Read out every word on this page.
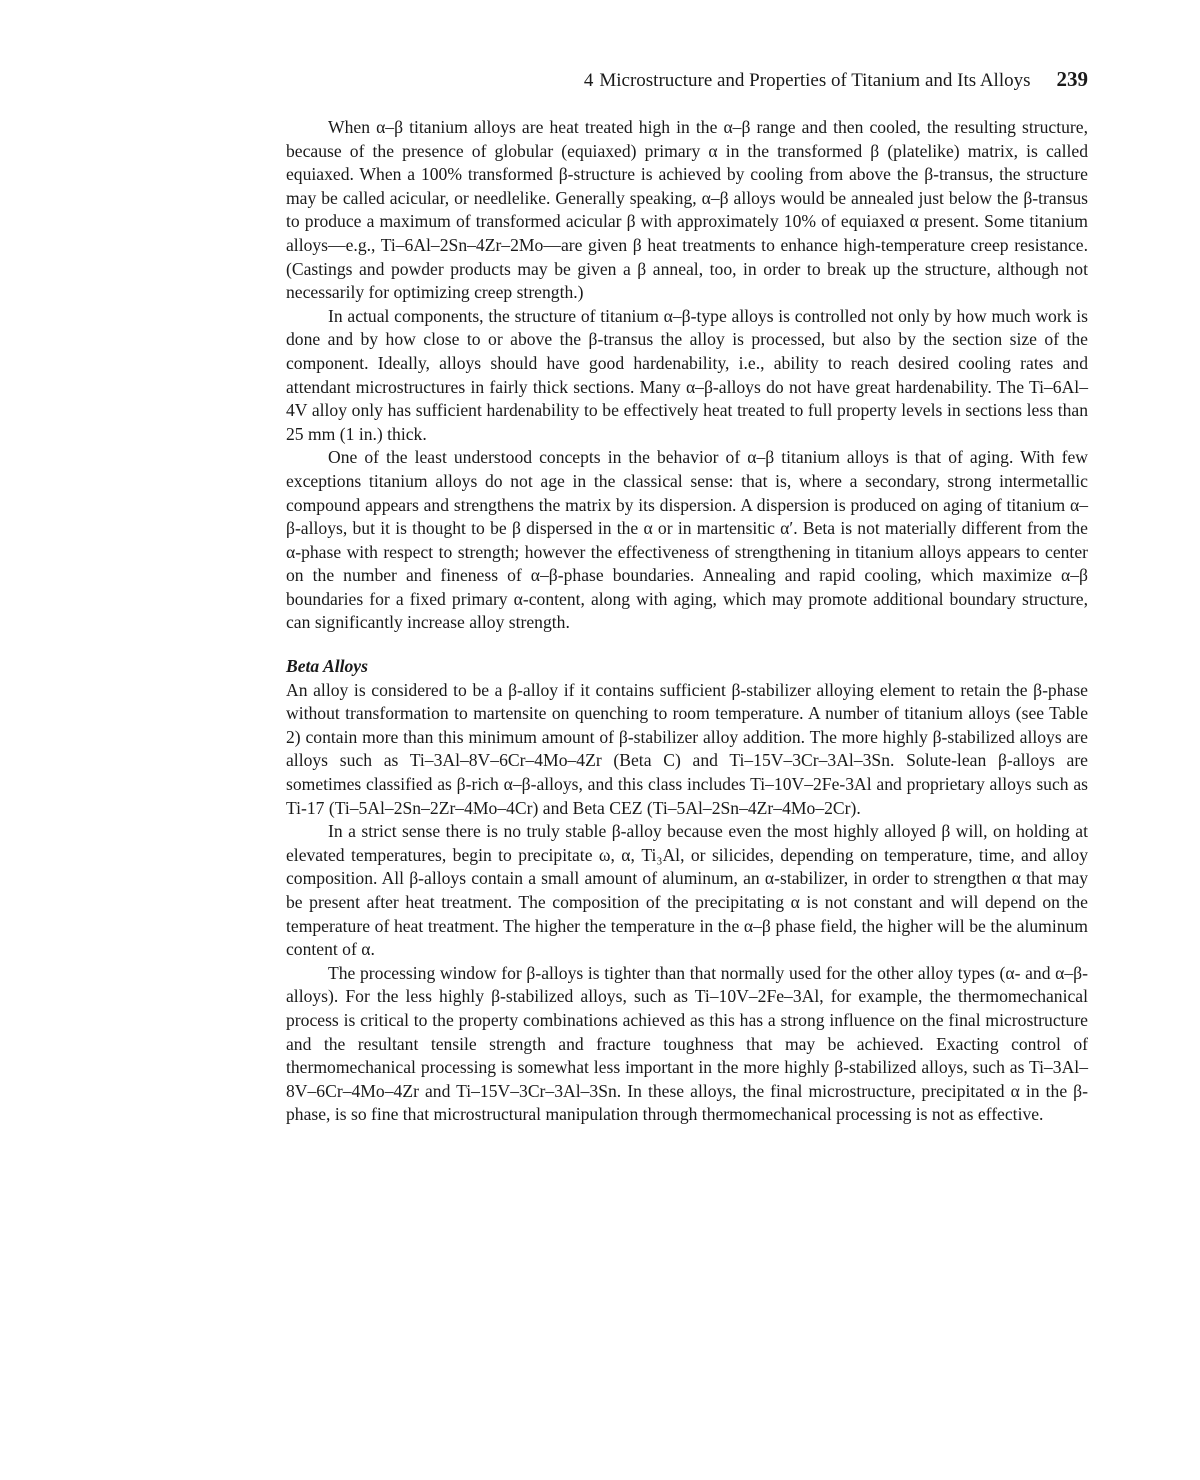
4 Microstructure and Properties of Titanium and Its Alloys 239

When α–β titanium alloys are heat treated high in the α–β range and then cooled, the resulting structure, because of the presence of globular (equiaxed) primary α in the transformed β (platelike) matrix, is called equiaxed. When a 100% transformed β-structure is achieved by cooling from above the β-transus, the structure may be called acicular, or needlelike. Generally speaking, α–β alloys would be annealed just below the β-transus to produce a maximum of transformed acicular β with approximately 10% of equiaxed α present. Some titanium alloys—e.g., Ti–6Al–2Sn–4Zr–2Mo—are given β heat treatments to enhance high-temperature creep resistance. (Castings and powder products may be given a β anneal, too, in order to break up the structure, although not necessarily for optimizing creep strength.)

In actual components, the structure of titanium α–β-type alloys is controlled not only by how much work is done and by how close to or above the β-transus the alloy is processed, but also by the section size of the component. Ideally, alloys should have good hardenability, i.e., ability to reach desired cooling rates and attendant microstructures in fairly thick sections. Many α–β-alloys do not have great hardenability. The Ti–6Al–4V alloy only has sufficient hardenability to be effectively heat treated to full property levels in sections less than 25 mm (1 in.) thick.

One of the least understood concepts in the behavior of α–β titanium alloys is that of aging. With few exceptions titanium alloys do not age in the classical sense: that is, where a secondary, strong intermetallic compound appears and strengthens the matrix by its dispersion. A dispersion is produced on aging of titanium α–β-alloys, but it is thought to be β dispersed in the α or in martensitic α′. Beta is not materially different from the α-phase with respect to strength; however the effectiveness of strengthening in titanium alloys appears to center on the number and fineness of α–β-phase boundaries. Annealing and rapid cooling, which maximize α–β boundaries for a fixed primary α-content, along with aging, which may promote additional boundary structure, can significantly increase alloy strength.

Beta Alloys

An alloy is considered to be a β-alloy if it contains sufficient β-stabilizer alloying element to retain the β-phase without transformation to martensite on quenching to room temperature. A number of titanium alloys (see Table 2) contain more than this minimum amount of β-stabilizer alloy addition. The more highly β-stabilized alloys are alloys such as Ti–3Al–8V–6Cr–4Mo–4Zr (Beta C) and Ti–15V–3Cr–3Al–3Sn. Solute-lean β-alloys are sometimes classified as β-rich α–β-alloys, and this class includes Ti–10V–2Fe-3Al and proprietary alloys such as Ti-17 (Ti–5Al–2Sn–2Zr–4Mo–4Cr) and Beta CEZ (Ti–5Al–2Sn–4Zr–4Mo–2Cr).

In a strict sense there is no truly stable β-alloy because even the most highly alloyed β will, on holding at elevated temperatures, begin to precipitate ω, α, Ti₃Al, or silicides, depending on temperature, time, and alloy composition. All β-alloys contain a small amount of aluminum, an α-stabilizer, in order to strengthen α that may be present after heat treatment. The composition of the precipitating α is not constant and will depend on the temperature of heat treatment. The higher the temperature in the α–β phase field, the higher will be the aluminum content of α.

The processing window for β-alloys is tighter than that normally used for the other alloy types (α- and α–β-alloys). For the less highly β-stabilized alloys, such as Ti–10V–2Fe–3Al, for example, the thermomechanical process is critical to the property combinations achieved as this has a strong influence on the final microstructure and the resultant tensile strength and fracture toughness that may be achieved. Exacting control of thermomechanical processing is somewhat less important in the more highly β-stabilized alloys, such as Ti–3Al–8V–6Cr–4Mo–4Zr and Ti–15V–3Cr–3Al–3Sn. In these alloys, the final microstructure, precipitated α in the β-phase, is so fine that microstructural manipulation through thermomechanical processing is not as effective.
